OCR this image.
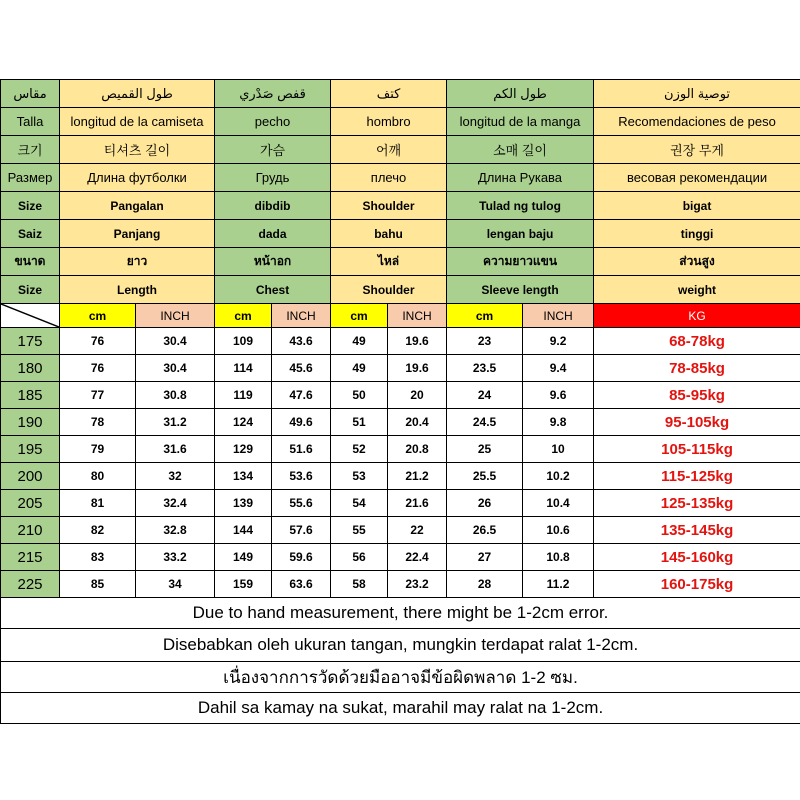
مقاس	طول القميص		قفص صَدْري		كتف		طول الكم		توصية الوزن
Talla	longitud de la camiseta		pecho		hombro		longitud de la manga		Recomendaciones de peso
크기	티셔츠 길이		가슴		어깨		소매 길이		권장 무게
Размер	Длина футболки		Грудь		плечо		Длина Рукава		весовая рекомендации
Size	Pangalan		dibdib		Shoulder		Tulad ng tulog		bigat
Saiz	Panjang		dada		bahu		lengan baju		tinggi
ขนาด	ยาว		หน้าอก		ไหล่		ความยาวแขน		ส่วนสูง
Size	Length		Chest		Shoulder		Sleeve length		weight

	cm	INCH	cm	INCH	cm	INCH	cm	INCH	KG
175	76	30.4	109	43.6	49	19.6	23	9.2	68-78kg
180	76	30.4	114	45.6	49	19.6	23.5	9.4	78-85kg
185	77	30.8	119	47.6	50	20	24	9.6	85-95kg
190	78	31.2	124	49.6	51	20.4	24.5	9.8	95-105kg
195	79	31.6	129	51.6	52	20.8	25	10	105-115kg
200	80	32	134	53.6	53	21.2	25.5	10.2	115-125kg
205	81	32.4	139	55.6	54	21.6	26	10.4	125-135kg
210	82	32.8	144	57.6	55	22	26.5	10.6	135-145kg
215	83	33.2	149	59.6	56	22.4	27	10.8	145-160kg
225	85	34	159	63.6	58	23.2	28	11.2	160-175kg
Due to hand measurement, there might be 1-2cm error.									
Disebabkan oleh ukuran tangan, mungkin terdapat ralat 1-2cm.									
เนื่องจากการวัดด้วยมืออาจมีข้อผิดพลาด 1-2 ซม.									
Dahil sa kamay na sukat, marahil may ralat na 1-2cm.									
